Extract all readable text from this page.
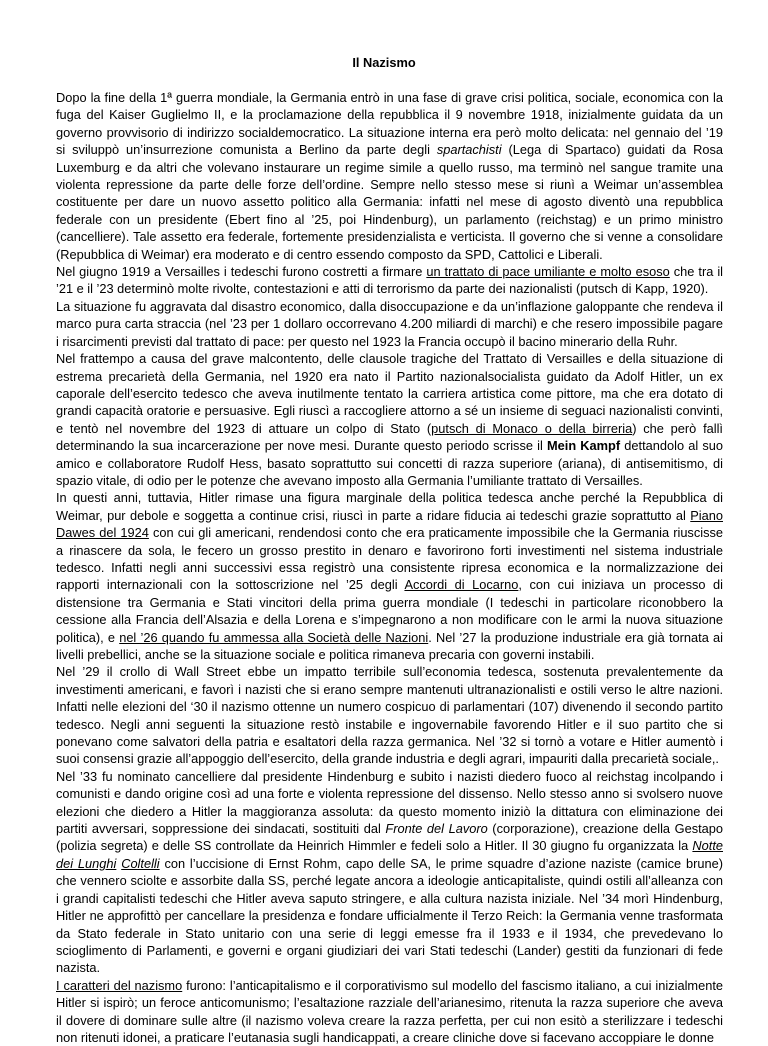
Il Nazismo

Dopo la fine della 1ª guerra mondiale, la Germania entrò in una fase di grave crisi politica, sociale, economica con la fuga del Kaiser Guglielmo II, e la proclamazione della repubblica il 9 novembre 1918, inizialmente guidata da un governo provvisorio di indirizzo socialdemocratico. La situazione interna era però molto delicata: nel gennaio del ’19 si sviluppò un’insurrezione comunista a Berlino da parte degli spartachisti (Lega di Spartaco) guidati da Rosa Luxemburg e da altri che volevano instaurare un regime simile a quello russo, ma terminò nel sangue tramite una violenta repressione da parte delle forze dell’ordine. Sempre nello stesso mese si riunì a Weimar un’assemblea costituente per dare un nuovo assetto politico alla Germania: infatti nel mese di agosto diventò una repubblica federale con un presidente (Ebert fino al ’25, poi Hindenburg), un parlamento (reichstag) e un primo ministro (cancelliere). Tale assetto era federale, fortemente presidenzialista e verticista. Il governo che si venne a consolidare (Repubblica di Weimar) era moderato e di centro essendo composto da SPD, Cattolici e Liberali.

Nel giugno 1919 a Versailles i tedeschi furono costretti a firmare un trattato di pace umiliante e molto esoso che tra il ’21 e il ’23 determinò molte rivolte, contestazioni e atti di terrorismo da parte dei nazionalisti (putsch di Kapp, 1920).

La situazione fu aggravata dal disastro economico, dalla disoccupazione e da un’inflazione galoppante che rendeva il marco pura carta straccia (nel ’23 per 1 dollaro occorrevano 4.200 miliardi di marchi) e che resero impossibile pagare i risarcimenti previsti dal trattato di pace: per questo nel 1923 la Francia occupò il bacino minerario della Ruhr.

Nel frattempo a causa del grave malcontento, delle clausole tragiche del Trattato di Versailles e della situazione di estrema precarietà della Germania, nel 1920 era nato il Partito nazionalsocialista guidato da Adolf Hitler, un ex caporale dell’esercito tedesco che aveva inutilmente tentato la carriera artistica come pittore, ma che era dotato di grandi capacità oratorie e persuasive. Egli riuscì a raccogliere attorno a sé un insieme di seguaci nazionalisti convinti, e tentò nel novembre del 1923 di attuare un colpo di Stato (putsch di Monaco o della birreria) che però fallì determinando la sua incarcerazione per nove mesi. Durante questo periodo scrisse il Mein Kampf dettandolo al suo amico e collaboratore Rudolf Hess, basato soprattutto sui concetti di razza superiore (ariana), di antisemitismo, di spazio vitale, di odio per le potenze che avevano imposto alla Germania l’umiliante trattato di Versailles.

In questi anni, tuttavia, Hitler rimase una figura marginale della politica tedesca anche perché la Repubblica di Weimar, pur debole e soggetta a continue crisi, riuscì in parte a ridare fiducia ai tedeschi grazie soprattutto al Piano Dawes del 1924 con cui gli americani, rendendosi conto che era praticamente impossibile che la Germania riuscisse a rinascere da sola, le fecero un grosso prestito in denaro e favorirono forti investimenti nel sistema industriale tedesco. Infatti negli anni successivi essa registrò una consistente ripresa economica e la normalizzazione dei rapporti internazionali con la sottoscrizione nel ’25 degli Accordi di Locarno, con cui iniziava un processo di distensione tra Germania e Stati vincitori della prima guerra mondiale (I tedeschi in particolare riconobbero la cessione alla Francia dell’Alsazia e della Lorena e s’impegnarono a non modificare con le armi la nuova situazione politica), e nel ’26 quando fu ammessa alla Società delle Nazioni. Nel ’27 la produzione industriale era già tornata ai livelli prebellici, anche se la situazione sociale e politica rimaneva precaria con governi instabili.

Nel ’29 il crollo di Wall Street ebbe un impatto terribile sull’economia tedesca, sostenuta prevalentemente da investimenti americani, e favorì i nazisti che si erano sempre mantenuti ultranazionalisti e ostili verso le altre nazioni. Infatti nelle elezioni del ‘30 il nazismo ottenne un numero cospicuo di parlamentari (107) divenendo il secondo partito tedesco. Negli anni seguenti la situazione restò instabile e ingovernabile favorendo Hitler e il suo partito che si ponevano come salvatori della patria e esaltatori della razza germanica. Nel ’32 si tornò a votare e Hitler aumentò i suoi consensi grazie all’appoggio dell’esercito, della grande industria e degli agrari, impauriti dalla precarietà sociale,.

Nel ’33 fu nominato cancelliere dal presidente Hindenburg e subito i nazisti diedero fuoco al reichstag incolpando i comunisti e dando origine così ad una forte e violenta repressione del dissenso. Nello stesso anno si svolsero nuove elezioni che diedero a Hitler la maggioranza assoluta: da questo momento iniziò la dittatura con eliminazione dei partiti avversari, soppressione dei sindacati, sostituiti dal Fronte del Lavoro (corporazione), creazione della Gestapo (polizia segreta) e delle SS controllate da Heinrich Himmler e fedeli solo a Hitler. Il 30 giugno fu organizzata la Notte dei Lunghi Coltelli con l’uccisione di Ernst Rohm, capo delle SA, le prime squadre d’azione naziste (camice brune) che vennero sciolte e assorbite dalla SS, perché legate ancora a ideologie anticapitaliste, quindi ostili all’alleanza con i grandi capitalisti tedeschi che Hitler aveva saputo stringere, e alla cultura nazista iniziale. Nel ’34 morì Hindenburg, Hitler ne approfittò per cancellare la presidenza e fondare ufficialmente il Terzo Reich: la Germania venne trasformata da Stato federale in Stato unitario con una serie di leggi emesse fra il 1933 e il 1934, che prevedevano lo scioglimento di Parlamenti, e governi e organi giudiziari dei vari Stati tedeschi (Lander) gestiti da funzionari di fede nazista.

I caratteri del nazismo furono: l’anticapitalismo e il corporativismo sul modello del fascismo italiano, a cui inizialmente Hitler si ispirò; un feroce anticomunismo; l’esaltazione razziale dell’arianesimo, ritenuta la razza superiore che aveva il dovere di dominare sulle altre (il nazismo voleva creare la razza perfetta, per cui non esitò a sterilizzare i tedeschi non ritenuti idonei, a praticare l’eutanasia sugli handicappati, a creare cliniche dove si facevano accoppiare le donne
